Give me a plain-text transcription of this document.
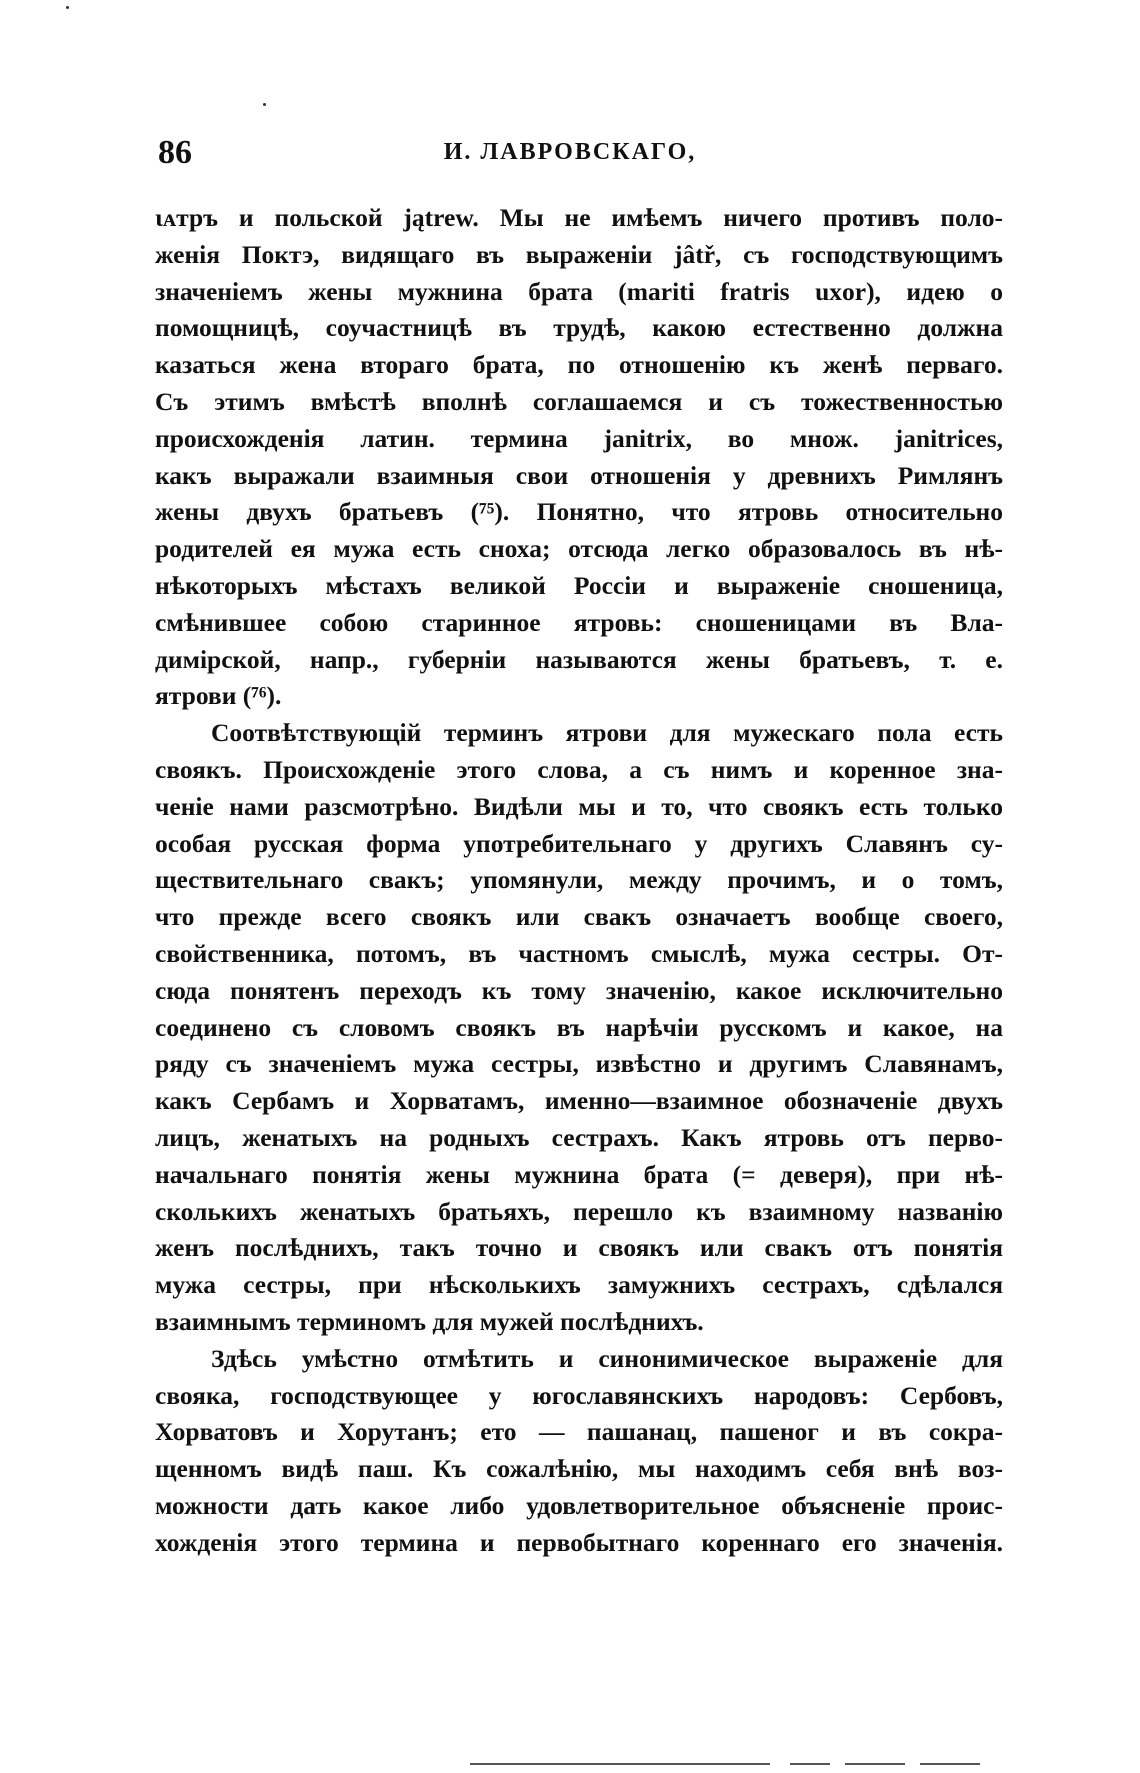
86	И. ЛАВРОВСКАГО,
ιᴀтръ и польской jątrew. Мы не имѣемъ ничего противъ поло-
женія Поктэ, видящаго въ выраженіи jâtř, съ господствующимъ
значеніемъ жены мужнина брата (mariti fratris uxor), идею о
помощницѣ, соучастницѣ въ трудѣ, какою естественно должна
казаться жена втораго брата, по отношенію къ женѣ перваго.
Съ этимъ вмѣстѣ вполнѣ соглашаемся и съ тожественностью
происхожденія латин. термина janitrix, во множ. janitrices,
какъ выражали взаимныя свои отношенія у древнихъ Римлянъ
жены двухъ братьевъ (⁷⁵). Понятно, что ятровь относительно
родителей ея мужа есть сноха; отсюда легко образовалось въ нѣ-
нѣкоторыхъ мѣстахъ великой Россіи и выраженіе сношеница,
смѣнившее собою старинное ятровь: сношеницами въ Вла-
димірской, напр., губерніи называются жены братьевъ, т. е.
ятрови (⁷⁶).
Соотвѣтствующій терминъ ятрови для мужескаго пола есть
своякъ. Происхожденіе этого слова, а съ нимъ и коренное зна-
ченіе нами разсмотрѣно. Видѣли мы и то, что своякъ есть только
особая русская форма употребительнаго у другихъ Славянъ су-
ществительнаго свакъ; упомянули, между прочимъ, и о томъ,
что прежде всего своякъ или свакъ означаетъ вообще своего,
свойственника, потомъ, въ частномъ смыслѣ, мужа сестры. От-
сюда понятенъ переходъ къ тому значенію, какое исключительно
соединено съ словомъ своякъ въ нарѣчіи русскомъ и какое, на
ряду съ значеніемъ мужа сестры, извѣстно и другимъ Славянамъ,
какъ Сербамъ и Хорватамъ, именно—взаимное обозначеніе двухъ
лицъ, женатыхъ на родныхъ сестрахъ. Какъ ятровь отъ перво-
начальнаго понятія жены мужнина брата (= деверя), при нѣ-
сколькихъ женатыхъ братьяхъ, перешло къ взаимному названію
женъ послѣднихъ, такъ точно и своякъ или свакъ отъ понятія
мужа сестры, при нѣсколькихъ замужнихъ сестрахъ, сдѣлался
взаимнымъ терминомъ для мужей послѣднихъ.
Здѣсь умѣстно отмѣтить и синонимическое выраженіе для
свояка, господствующее у югославянскихъ народовъ: Сербовъ,
Хорватовъ и Хорутанъ; ето — пашанац, пашеног и въ сокра-
щенномъ видѣ паш. Къ сожалѣнію, мы находимъ себя внѣ воз-
можности дать какое либо удовлетворительное объясненіе проис-
хожденія этого термина и первобытнаго кореннаго его значенія.
